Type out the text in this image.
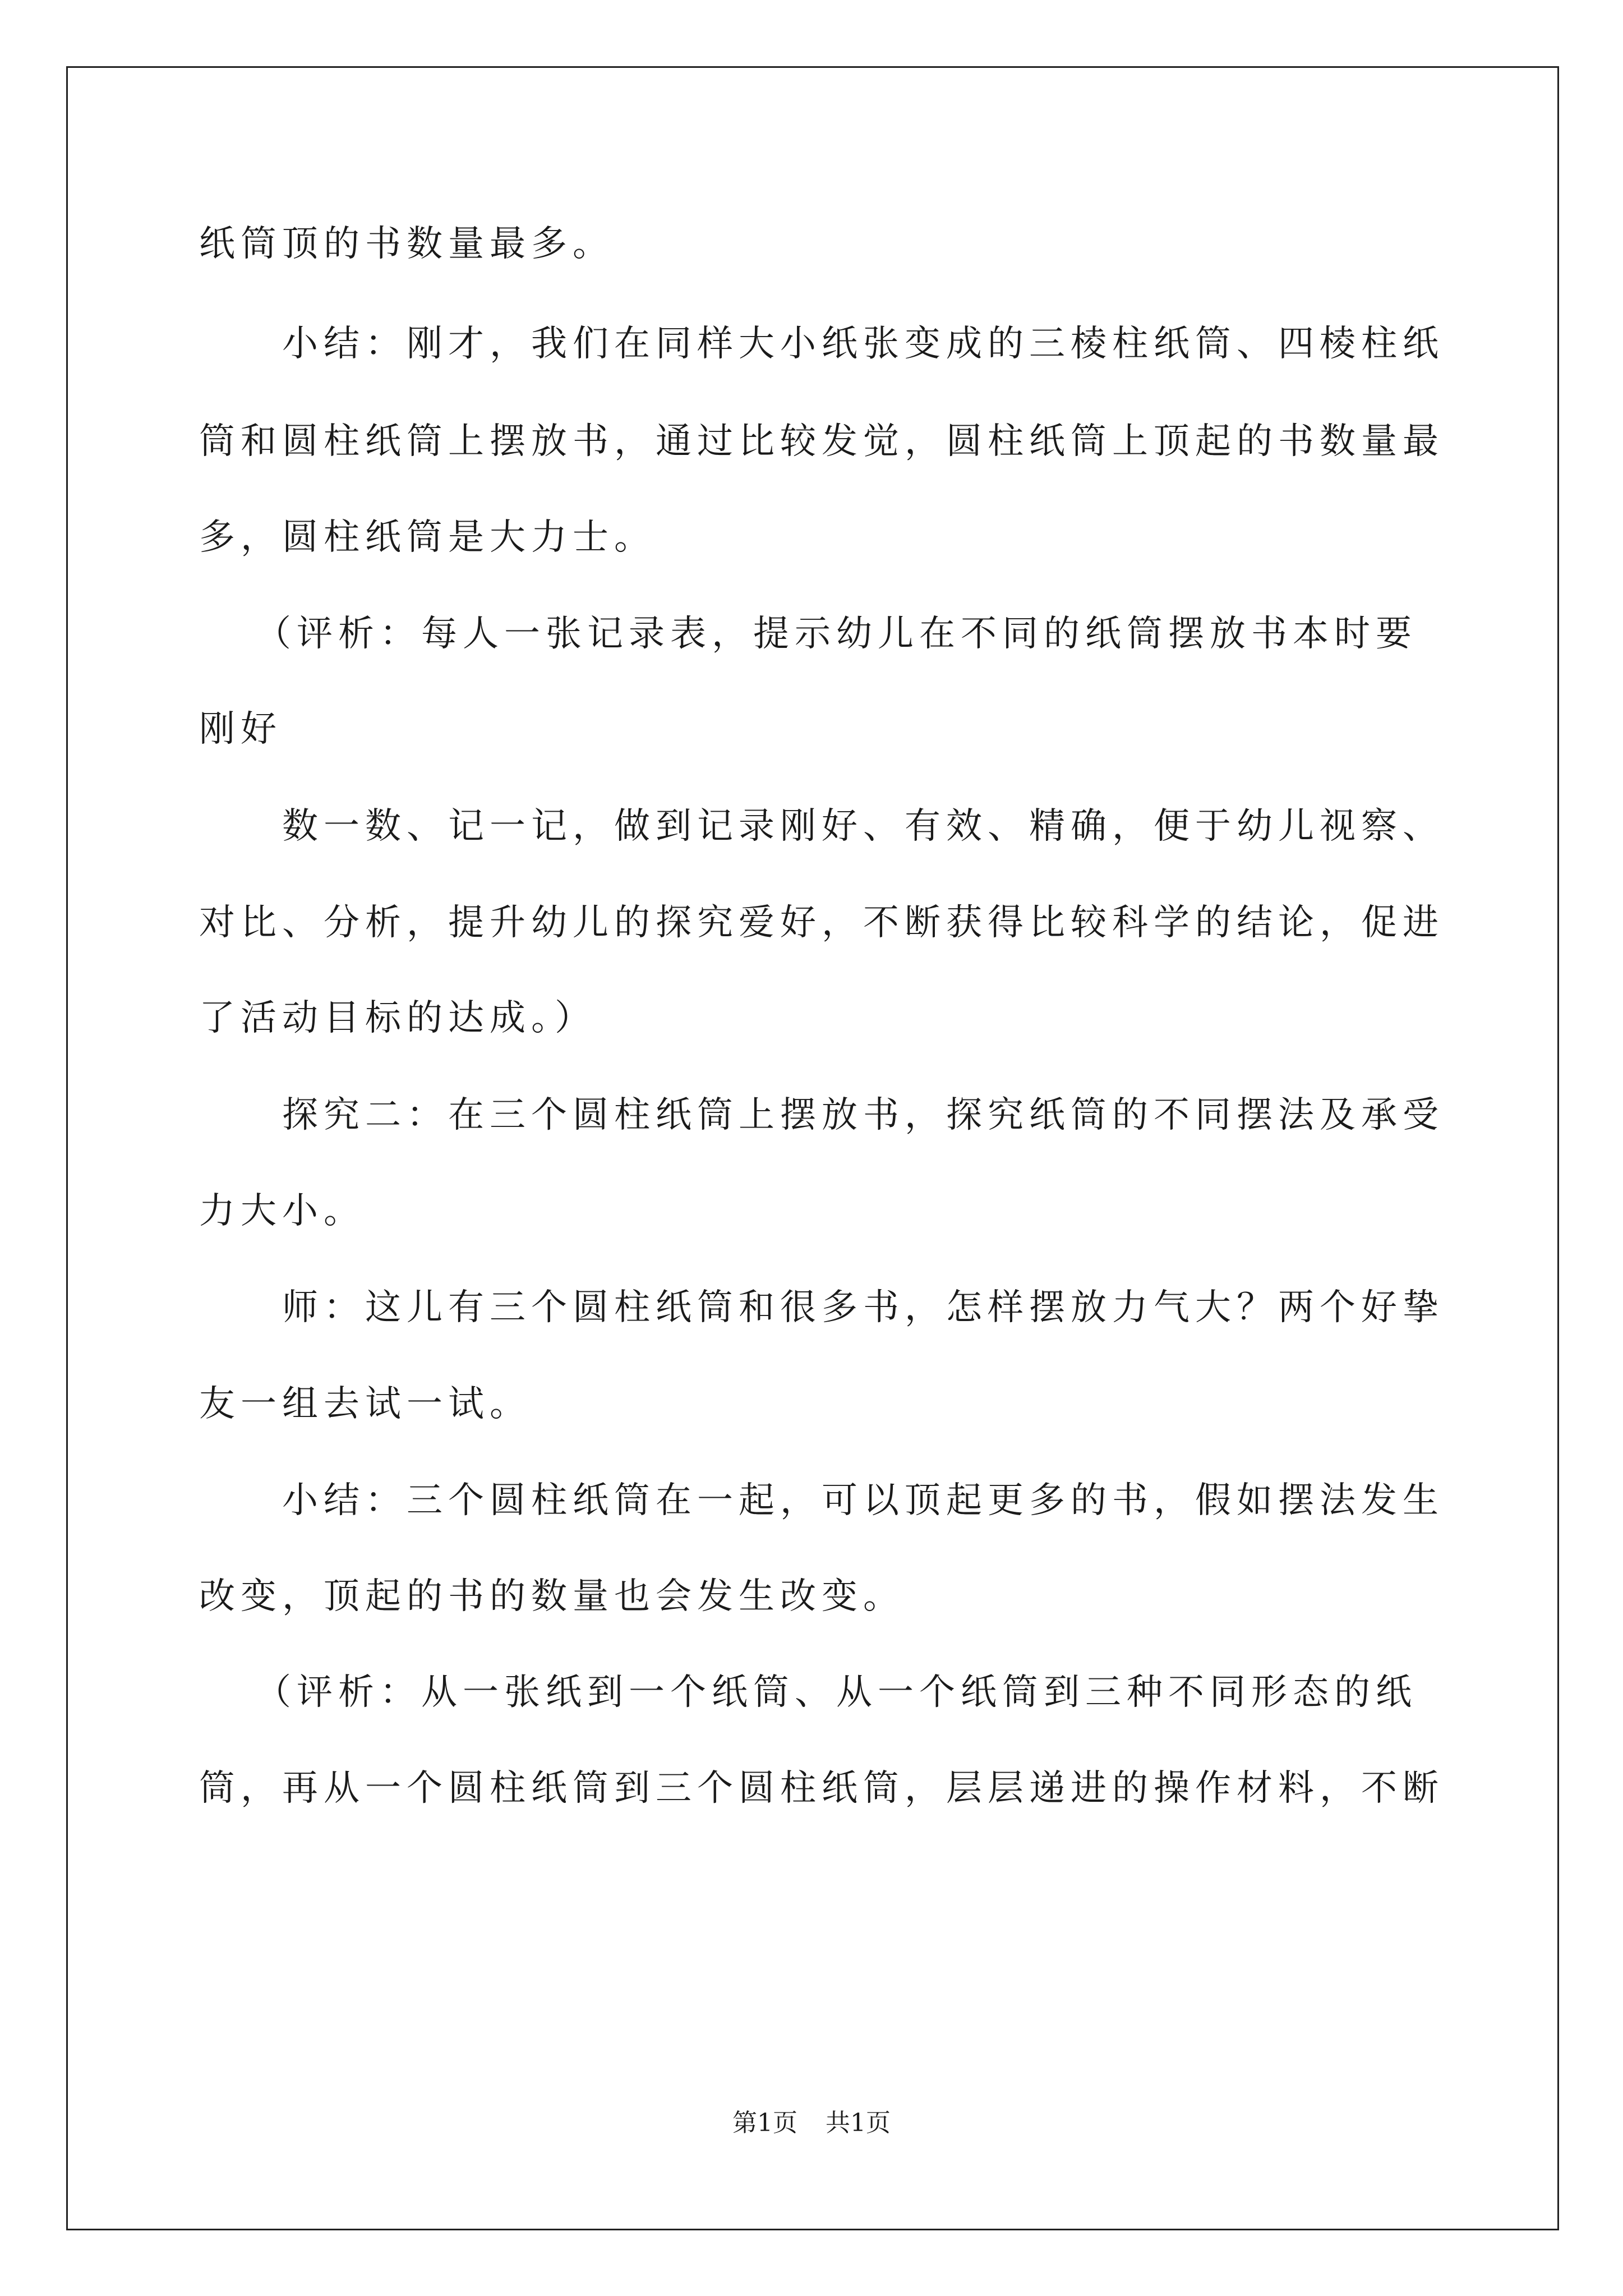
纸筒顶的书数量最多。
小结：刚才，我们在同样大小纸张变成的三棱柱纸筒、四棱柱纸
筒和圆柱纸筒上摆放书，通过比较发觉，圆柱纸筒上顶起的书数量最
多，圆柱纸筒是大力士。
（评析：每人一张记录表，提示幼儿在不同的纸筒摆放书本时要
刚好
数一数、记一记，做到记录刚好、有效、精确，便于幼儿视察、
对比、分析，提升幼儿的探究爱好，不断获得比较科学的结论，促进
了活动目标的达成。）
探究二：在三个圆柱纸筒上摆放书，探究纸筒的不同摆法及承受
力大小。
师：这儿有三个圆柱纸筒和很多书，怎样摆放力气大？两个好挚
友一组去试一试。
小结：三个圆柱纸筒在一起，可以顶起更多的书，假如摆法发生
改变，顶起的书的数量也会发生改变。
（评析：从一张纸到一个纸筒、从一个纸筒到三种不同形态的纸
筒，再从一个圆柱纸筒到三个圆柱纸筒，层层递进的操作材料，不断
第1页 共1页
